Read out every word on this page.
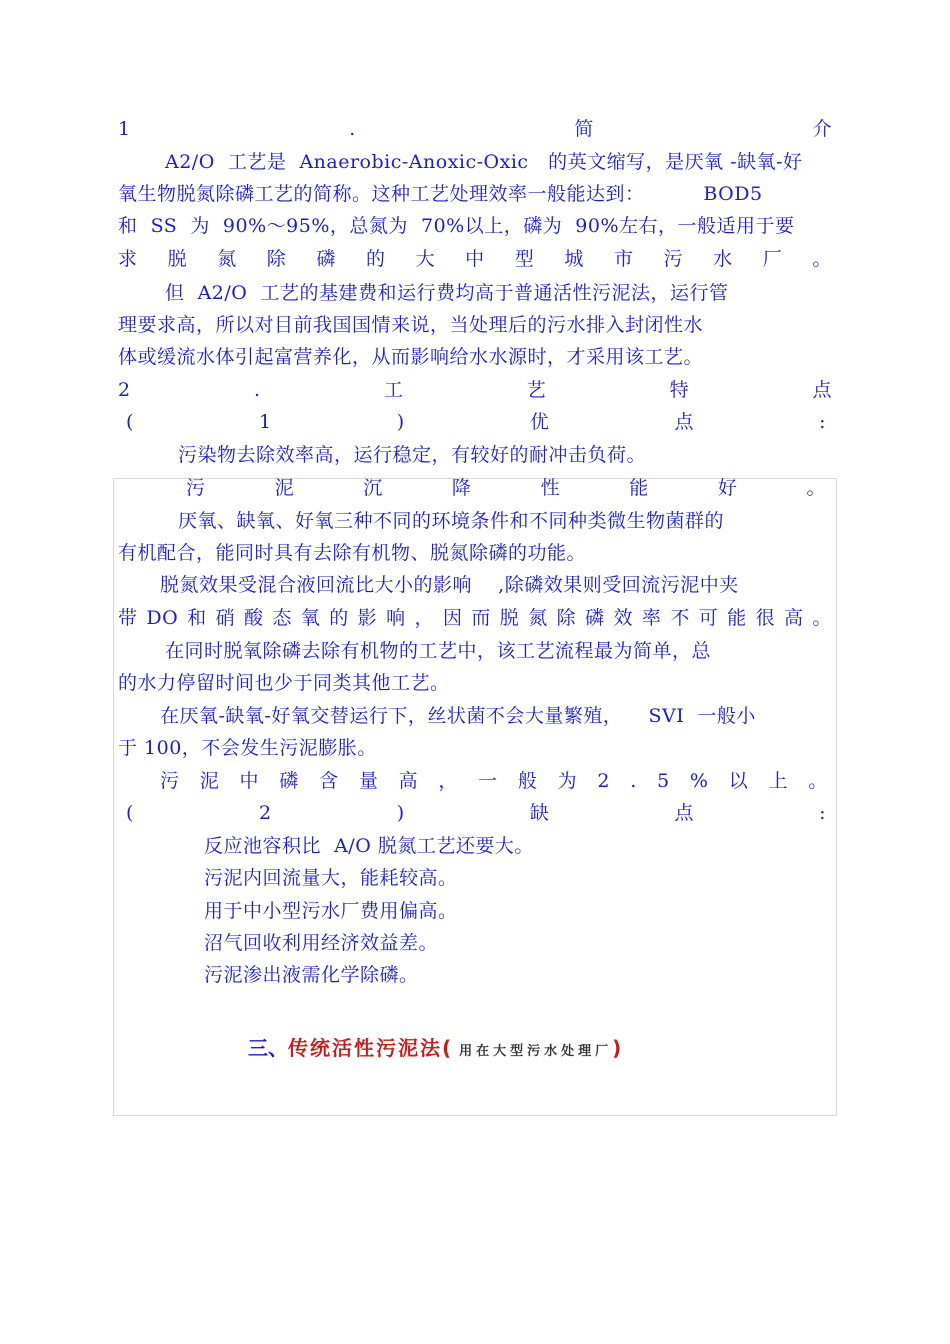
1	.	简	介
A2/O  工艺是  Anaerobic-Anoxic-Oxic   的英文缩写，是厌氧 -缺氧-好
氧生物脱氮除磷工艺的简称。这种工艺处理效率一般能达到：         BOD5
和  SS  为  90%～95%，总氮为  70%以上，磷为  90%左右，一般适用于要
求 脱 氮 除 磷 的 大 中 型 城 市 污 水 厂 。
但  A2/O  工艺的基建费和运行费均高于普通活性污泥法，运行管
理要求高，所以对目前我国国情来说，当处理后的污水排入封闭性水
体或缓流水体引起富营养化，从而影响给水水源时，才采用该工艺。
2	.	工	艺	特	点
(	1	)	优	点	:
污染物去除效率高，运行稳定，有较好的耐冲击负荷。
污	泥	沉	降	性	能	好	。
厌氧、缺氧、好氧三种不同的环境条件和不同种类微生物菌群的
有机配合，能同时具有去除有机物、脱氮除磷的功能。
脱氮效果受混合液回流比大小的影响    ,除磷效果则受回流污泥中夹
带 DO 和 硝 酸 态 氧 的 影 响 ， 因 而 脱 氮 除 磷 效 率 不 可 能 很 高 。
在同时脱氧除磷去除有机物的工艺中，该工艺流程最为简单，总
的水力停留时间也少于同类其他工艺。
在厌氧-缺氧-好氧交替运行下，丝状菌不会大量繁殖，    SVI  一般小
于 100，不会发生污泥膨胀。
污 泥 中 磷 含 量 高 ， 一 般 为 2 . 5 % 以 上 。
(	2	)	缺	点	:
反应池容积比  A/O 脱氮工艺还要大。
污泥内回流量大，能耗较高。
用于中小型污水厂费用偏高。
沼气回收利用经济效益差。
污泥渗出液需化学除磷。
三、传统活性污泥法( 用在大型污水处理厂)
